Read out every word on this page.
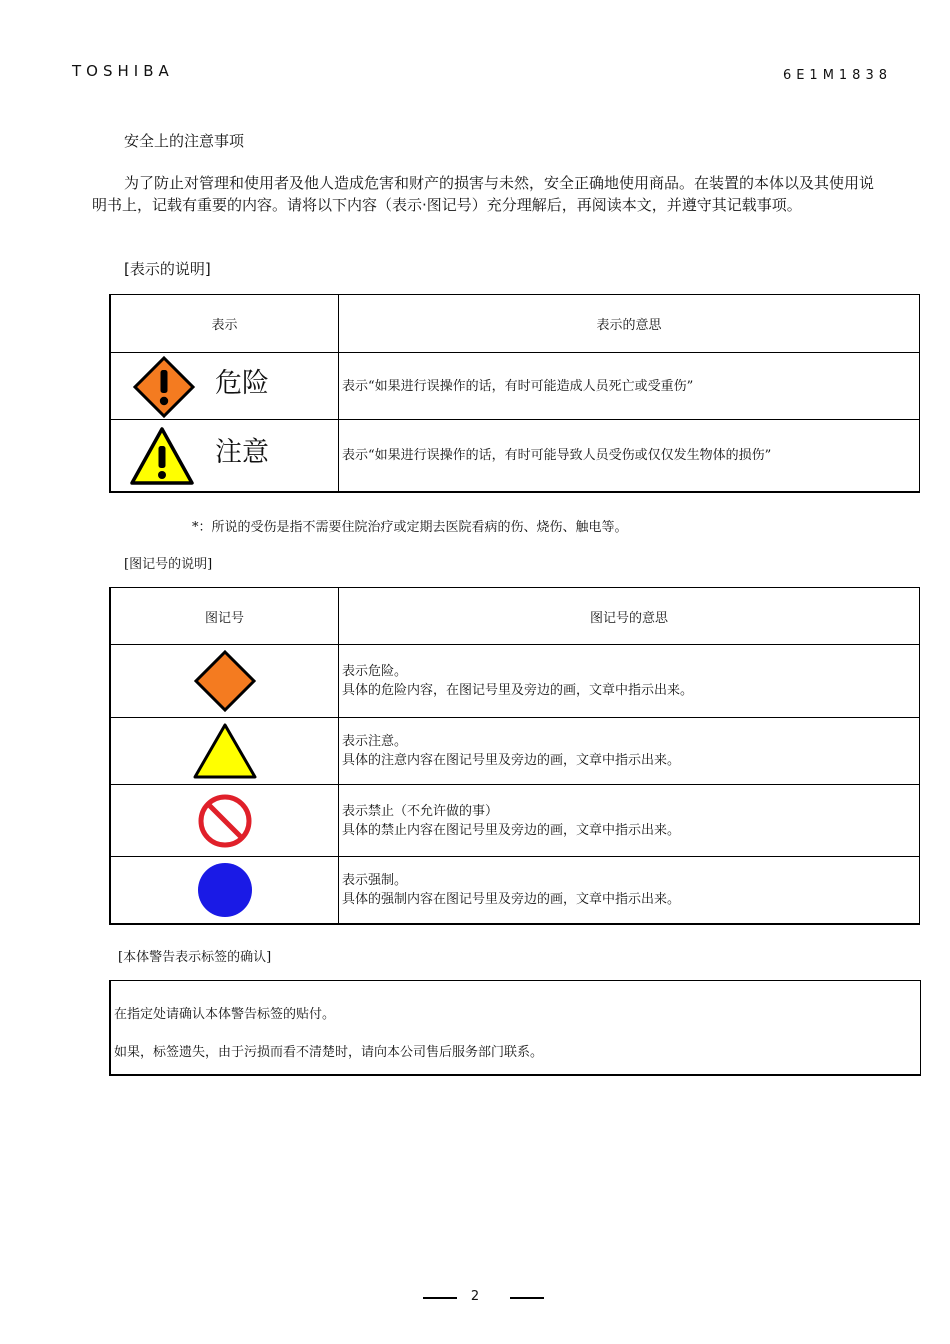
TOSHIBA	6E1M1838
安全上的注意事项
为了防止对管理和使用者及他人造成危害和财产的损害与未然，安全正确地使用商品。在装置的本体以及其使用说明书上，记载有重要的内容。请将以下内容（表示·图记号）充分理解后，再阅读本文，并遵守其记载事项。
[表示的说明]
表示	表示的意思

危险	表示“如果进行误操作的话，有时可能造成人员死亡或受重伤”

注意	表示“如果进行误操作的话，有时可能导致人员受伤或仅仅发生物体的损伤”
*：所说的受伤是指不需要住院治疗或定期去医院看病的伤、烧伤、触电等。
[图记号的说明]
图记号	图记号的意思

表示危险。
具体的危险内容，在图记号里及旁边的画，文章中指示出来。

表示注意。
具体的注意内容在图记号里及旁边的画，文章中指示出来。

表示禁止（不允许做的事）
具体的禁止内容在图记号里及旁边的画，文章中指示出来。

表示强制。
具体的强制内容在图记号里及旁边的画，文章中指示出来。
[本体警告表示标签的确认]

在指定处请确认本体警告标签的贴付。

如果，标签遗失，由于污损而看不清楚时，请向本公司售后服务部门联系。

2
